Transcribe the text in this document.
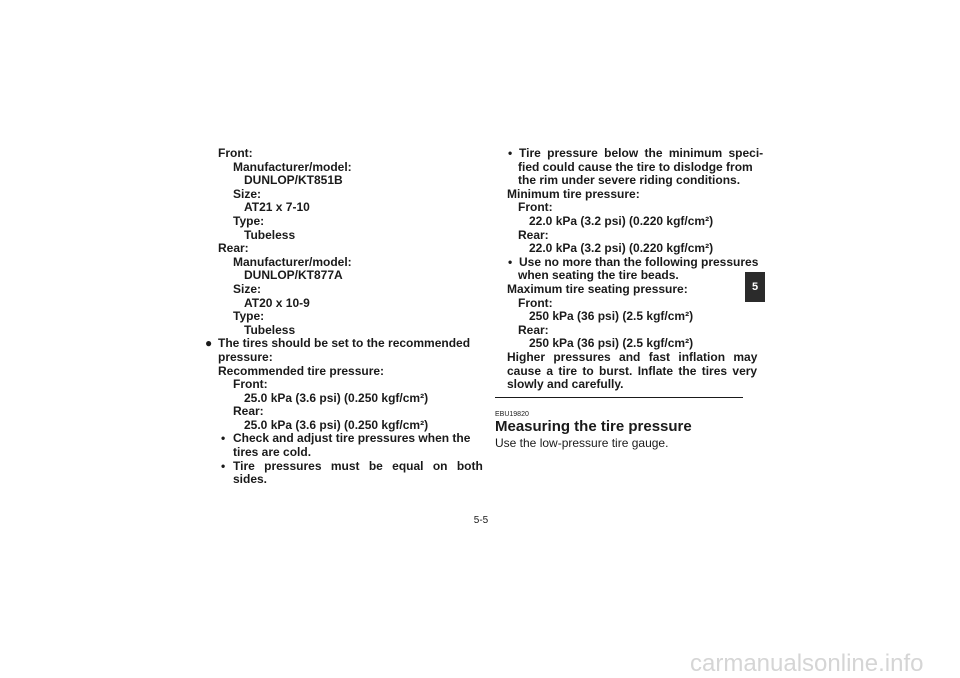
Front:
Manufacturer/model:
DUNLOP/KT851B
Size:
AT21 x 7-10
Type:
Tubeless
Rear:
Manufacturer/model:
DUNLOP/KT877A
Size:
AT20 x 10-9
Type:
Tubeless
● The tires should be set to the recommended
pressure:
Recommended tire pressure:
Front:
25.0 kPa (3.6 psi) (0.250 kgf/cm²)
Rear:
25.0 kPa (3.6 psi) (0.250 kgf/cm²)
• Check and adjust tire pressures when the
tires are cold.
• Tire pressures must be equal on both
sides.
• Tire pressure below the minimum speci-
fied could cause the tire to dislodge from
the rim under severe riding conditions.
Minimum tire pressure:
Front:
22.0 kPa (3.2 psi) (0.220 kgf/cm²)
Rear:
22.0 kPa (3.2 psi) (0.220 kgf/cm²)
• Use no more than the following pressures
when seating the tire beads.
Maximum tire seating pressure:
Front:
250 kPa (36 psi) (2.5 kgf/cm²)
Rear:
250 kPa (36 psi) (2.5 kgf/cm²)
Higher pressures and fast inflation may
cause a tire to burst. Inflate the tires very
slowly and carefully.
EBU19820
Measuring the tire pressure
Use the low-pressure tire gauge.
5
5-5
carmanualsonline.info
